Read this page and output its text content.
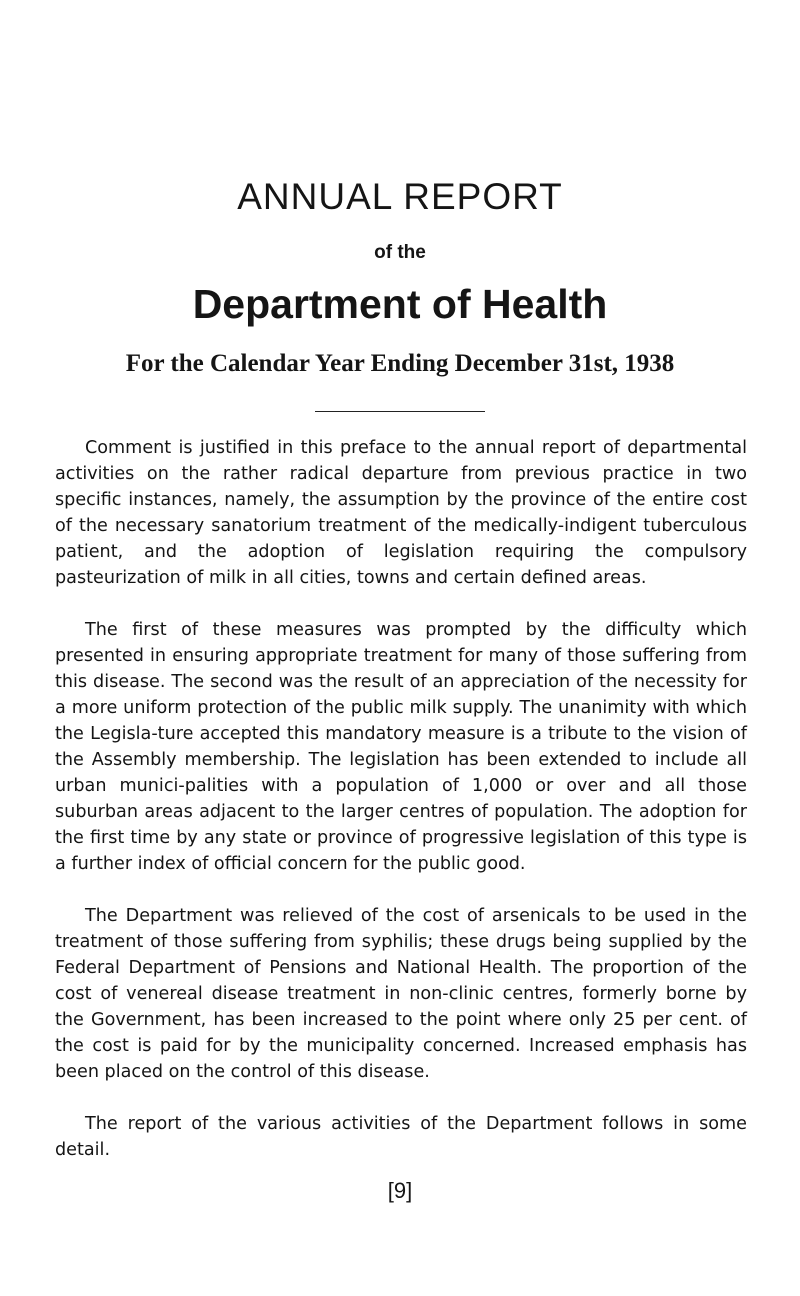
ANNUAL REPORT
of the
Department of Health
For the Calendar Year Ending December 31st, 1938

Comment is justified in this preface to the annual report of departmental activities on the rather radical departure from previous practice in two specific instances, namely, the assumption by the province of the entire cost of the necessary sanatorium treatment of the medically-indigent tuberculous patient, and the adoption of legislation requiring the compulsory pasteurization of milk in all cities, towns and certain defined areas.

The first of these measures was prompted by the difficulty which presented in ensuring appropriate treatment for many of those suffering from this disease. The second was the result of an appreciation of the necessity for a more uniform protection of the public milk supply. The unanimity with which the Legisla-ture accepted this mandatory measure is a tribute to the vision of the Assembly membership. The legislation has been extended to include all urban munici-palities with a population of 1,000 or over and all those suburban areas adjacent to the larger centres of population. The adoption for the first time by any state or province of progressive legislation of this type is a further index of official concern for the public good.

The Department was relieved of the cost of arsenicals to be used in the treatment of those suffering from syphilis; these drugs being supplied by the Federal Department of Pensions and National Health. The proportion of the cost of venereal disease treatment in non-clinic centres, formerly borne by the Government, has been increased to the point where only 25 per cent. of the cost is paid for by the municipality concerned. Increased emphasis has been placed on the control of this disease.

The report of the various activities of the Department follows in some detail.

[9]
